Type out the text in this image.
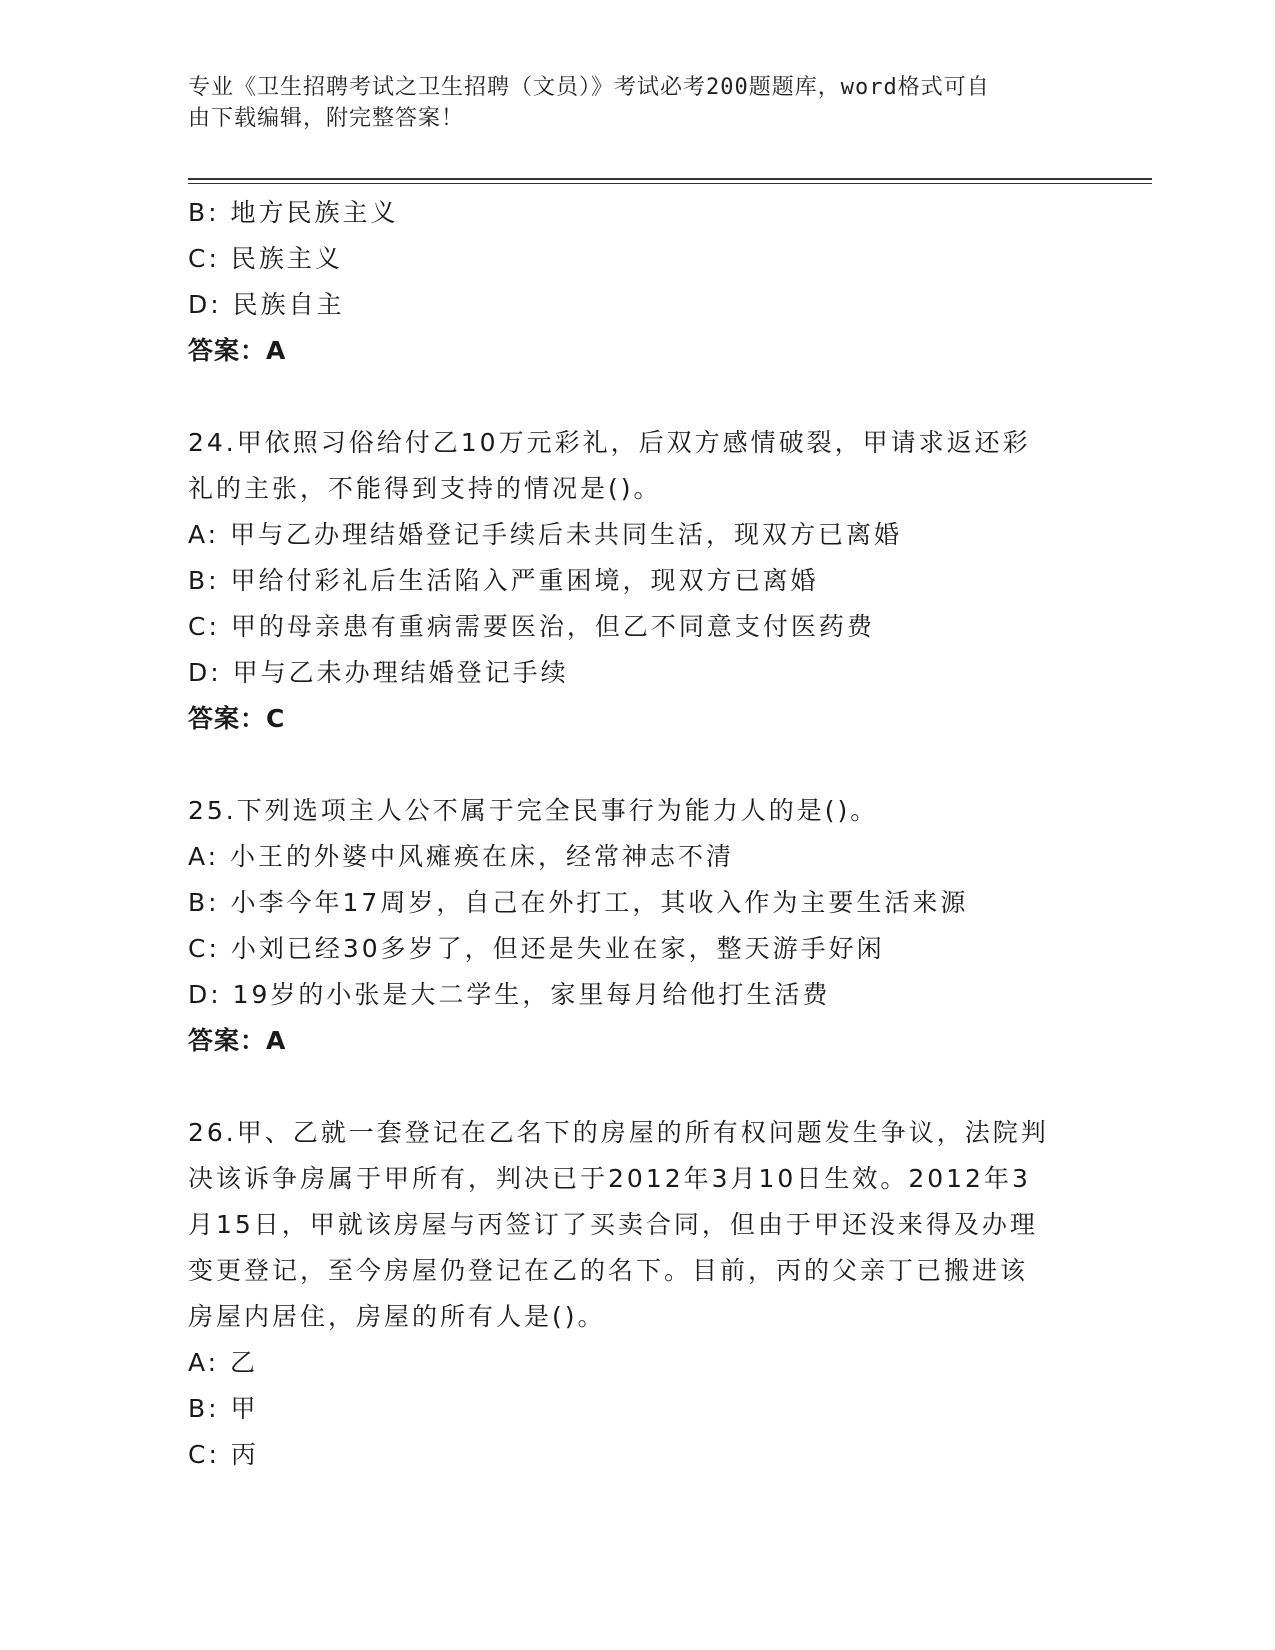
专业《卫生招聘考试之卫生招聘（文员）》考试必考200题题库，word格式可自
由下载编辑，附完整答案！
B: 地方民族主义
C: 民族主义
D: 民族自主
答案：A
24.甲依照习俗给付乙10万元彩礼，后双方感情破裂，甲请求返还彩
礼的主张，不能得到支持的情况是()。
A: 甲与乙办理结婚登记手续后未共同生活，现双方已离婚
B: 甲给付彩礼后生活陷入严重困境，现双方已离婚
C: 甲的母亲患有重病需要医治，但乙不同意支付医药费
D: 甲与乙未办理结婚登记手续
答案：C
25.下列选项主人公不属于完全民事行为能力人的是()。
A: 小王的外婆中风瘫痪在床，经常神志不清
B: 小李今年17周岁，自己在外打工，其收入作为主要生活来源
C: 小刘已经30多岁了，但还是失业在家，整天游手好闲
D: 19岁的小张是大二学生，家里每月给他打生活费
答案：A
26.甲、乙就一套登记在乙名下的房屋的所有权问题发生争议，法院判
决该诉争房属于甲所有，判决已于2012年3月10日生效。2012年3
月15日，甲就该房屋与丙签订了买卖合同，但由于甲还没来得及办理
变更登记，至今房屋仍登记在乙的名下。目前，丙的父亲丁已搬进该
房屋内居住，房屋的所有人是()。
A: 乙
B: 甲
C: 丙
